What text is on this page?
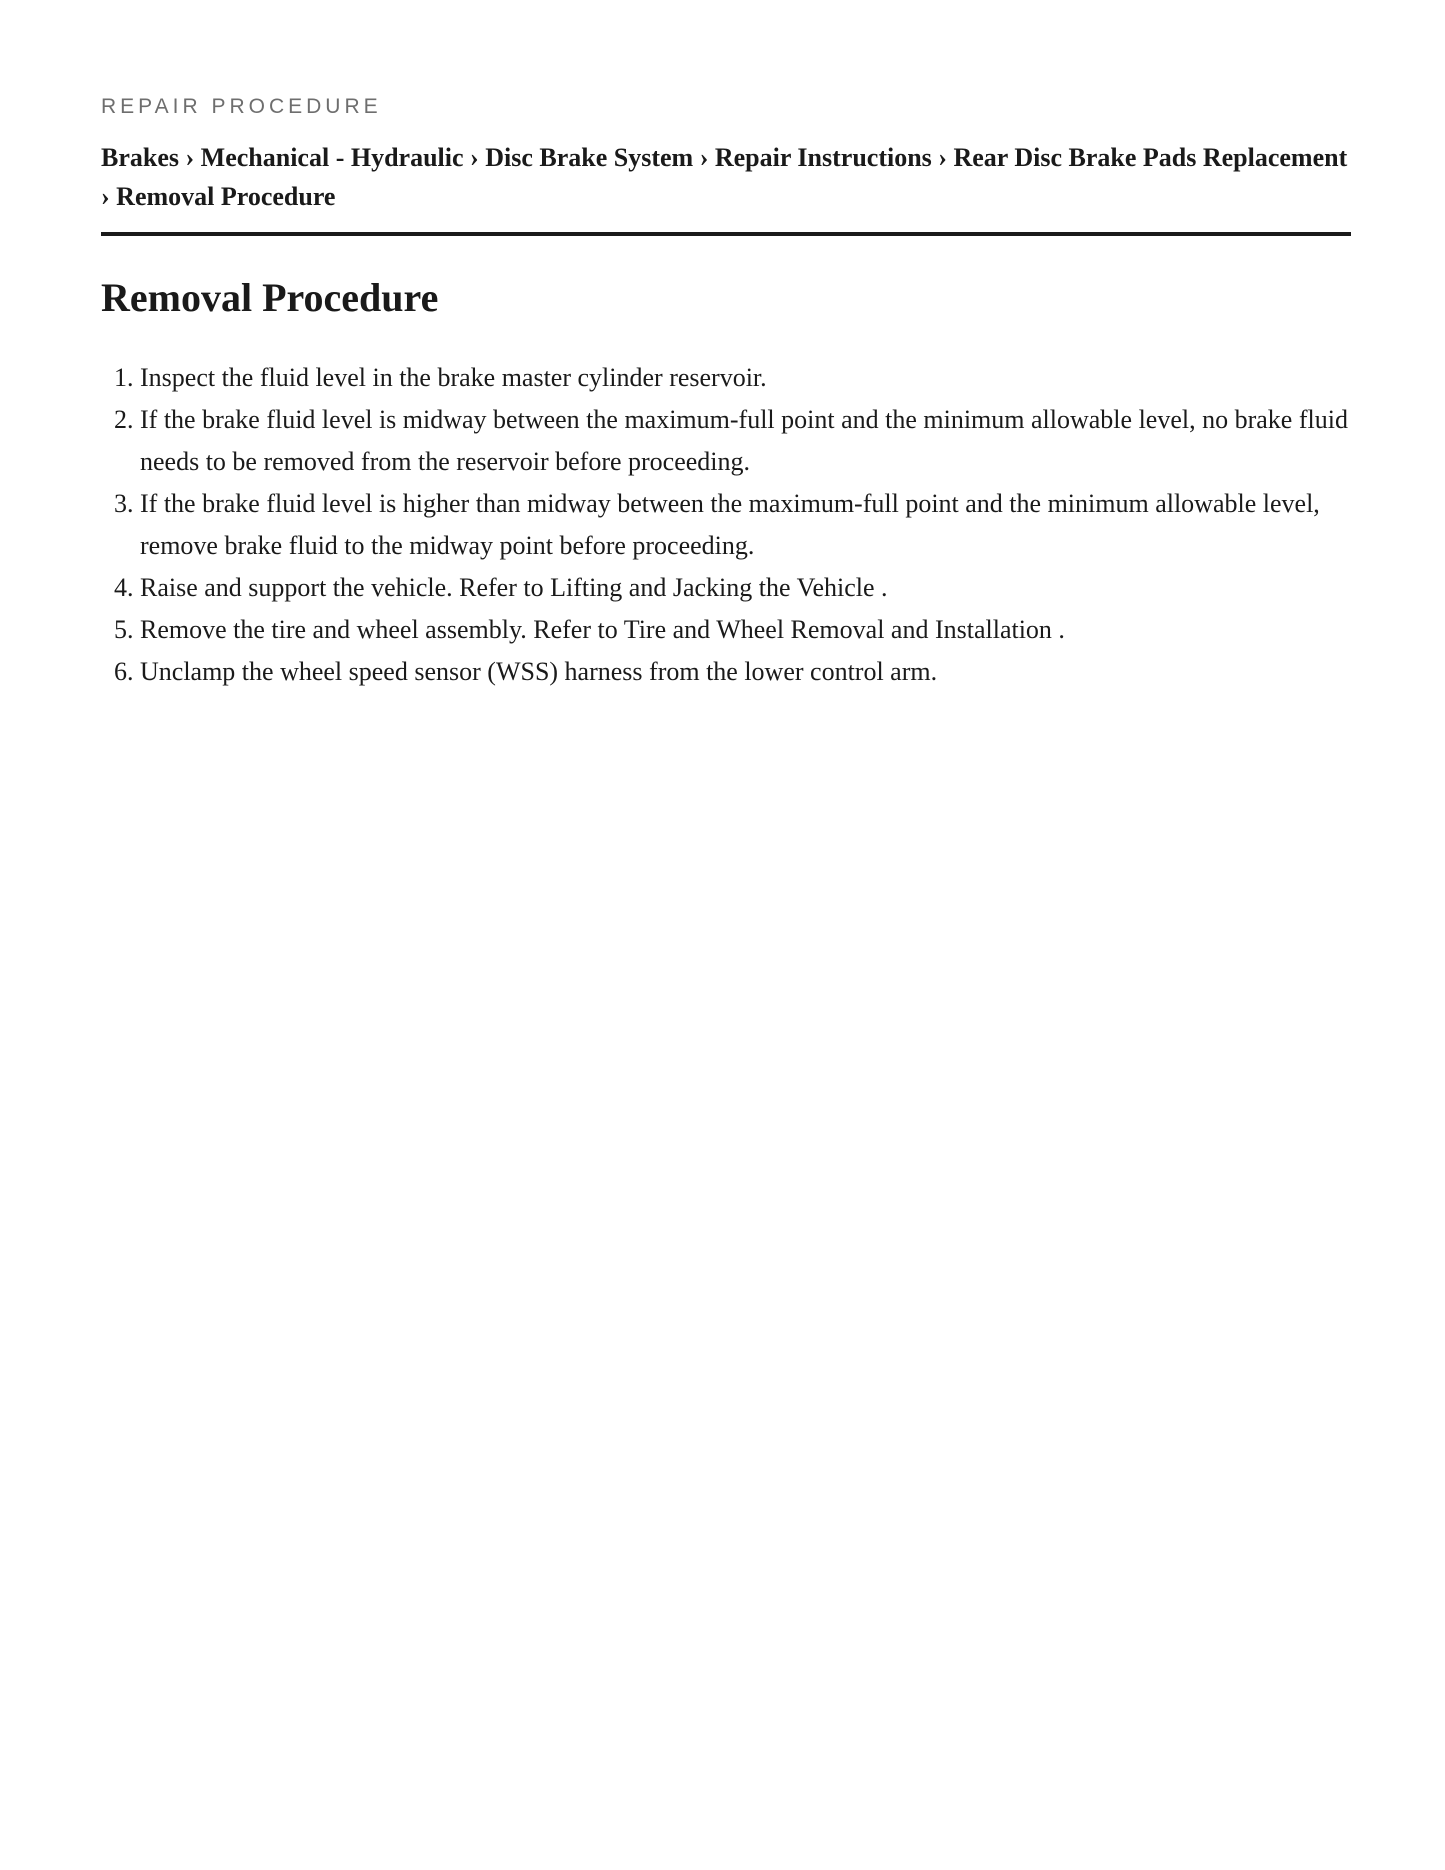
REPAIR PROCEDURE
Brakes › Mechanical - Hydraulic › Disc Brake System › Repair Instructions › Rear Disc Brake Pads Replacement › Removal Procedure
Removal Procedure
1. Inspect the fluid level in the brake master cylinder reservoir.
2. If the brake fluid level is midway between the maximum-full point and the minimum allowable level, no brake fluid needs to be removed from the reservoir before proceeding.
3. If the brake fluid level is higher than midway between the maximum-full point and the minimum allowable level, remove brake fluid to the midway point before proceeding.
4. Raise and support the vehicle. Refer to Lifting and Jacking the Vehicle .
5. Remove the tire and wheel assembly. Refer to Tire and Wheel Removal and Installation .
6. Unclamp the wheel speed sensor (WSS) harness from the lower control arm.
